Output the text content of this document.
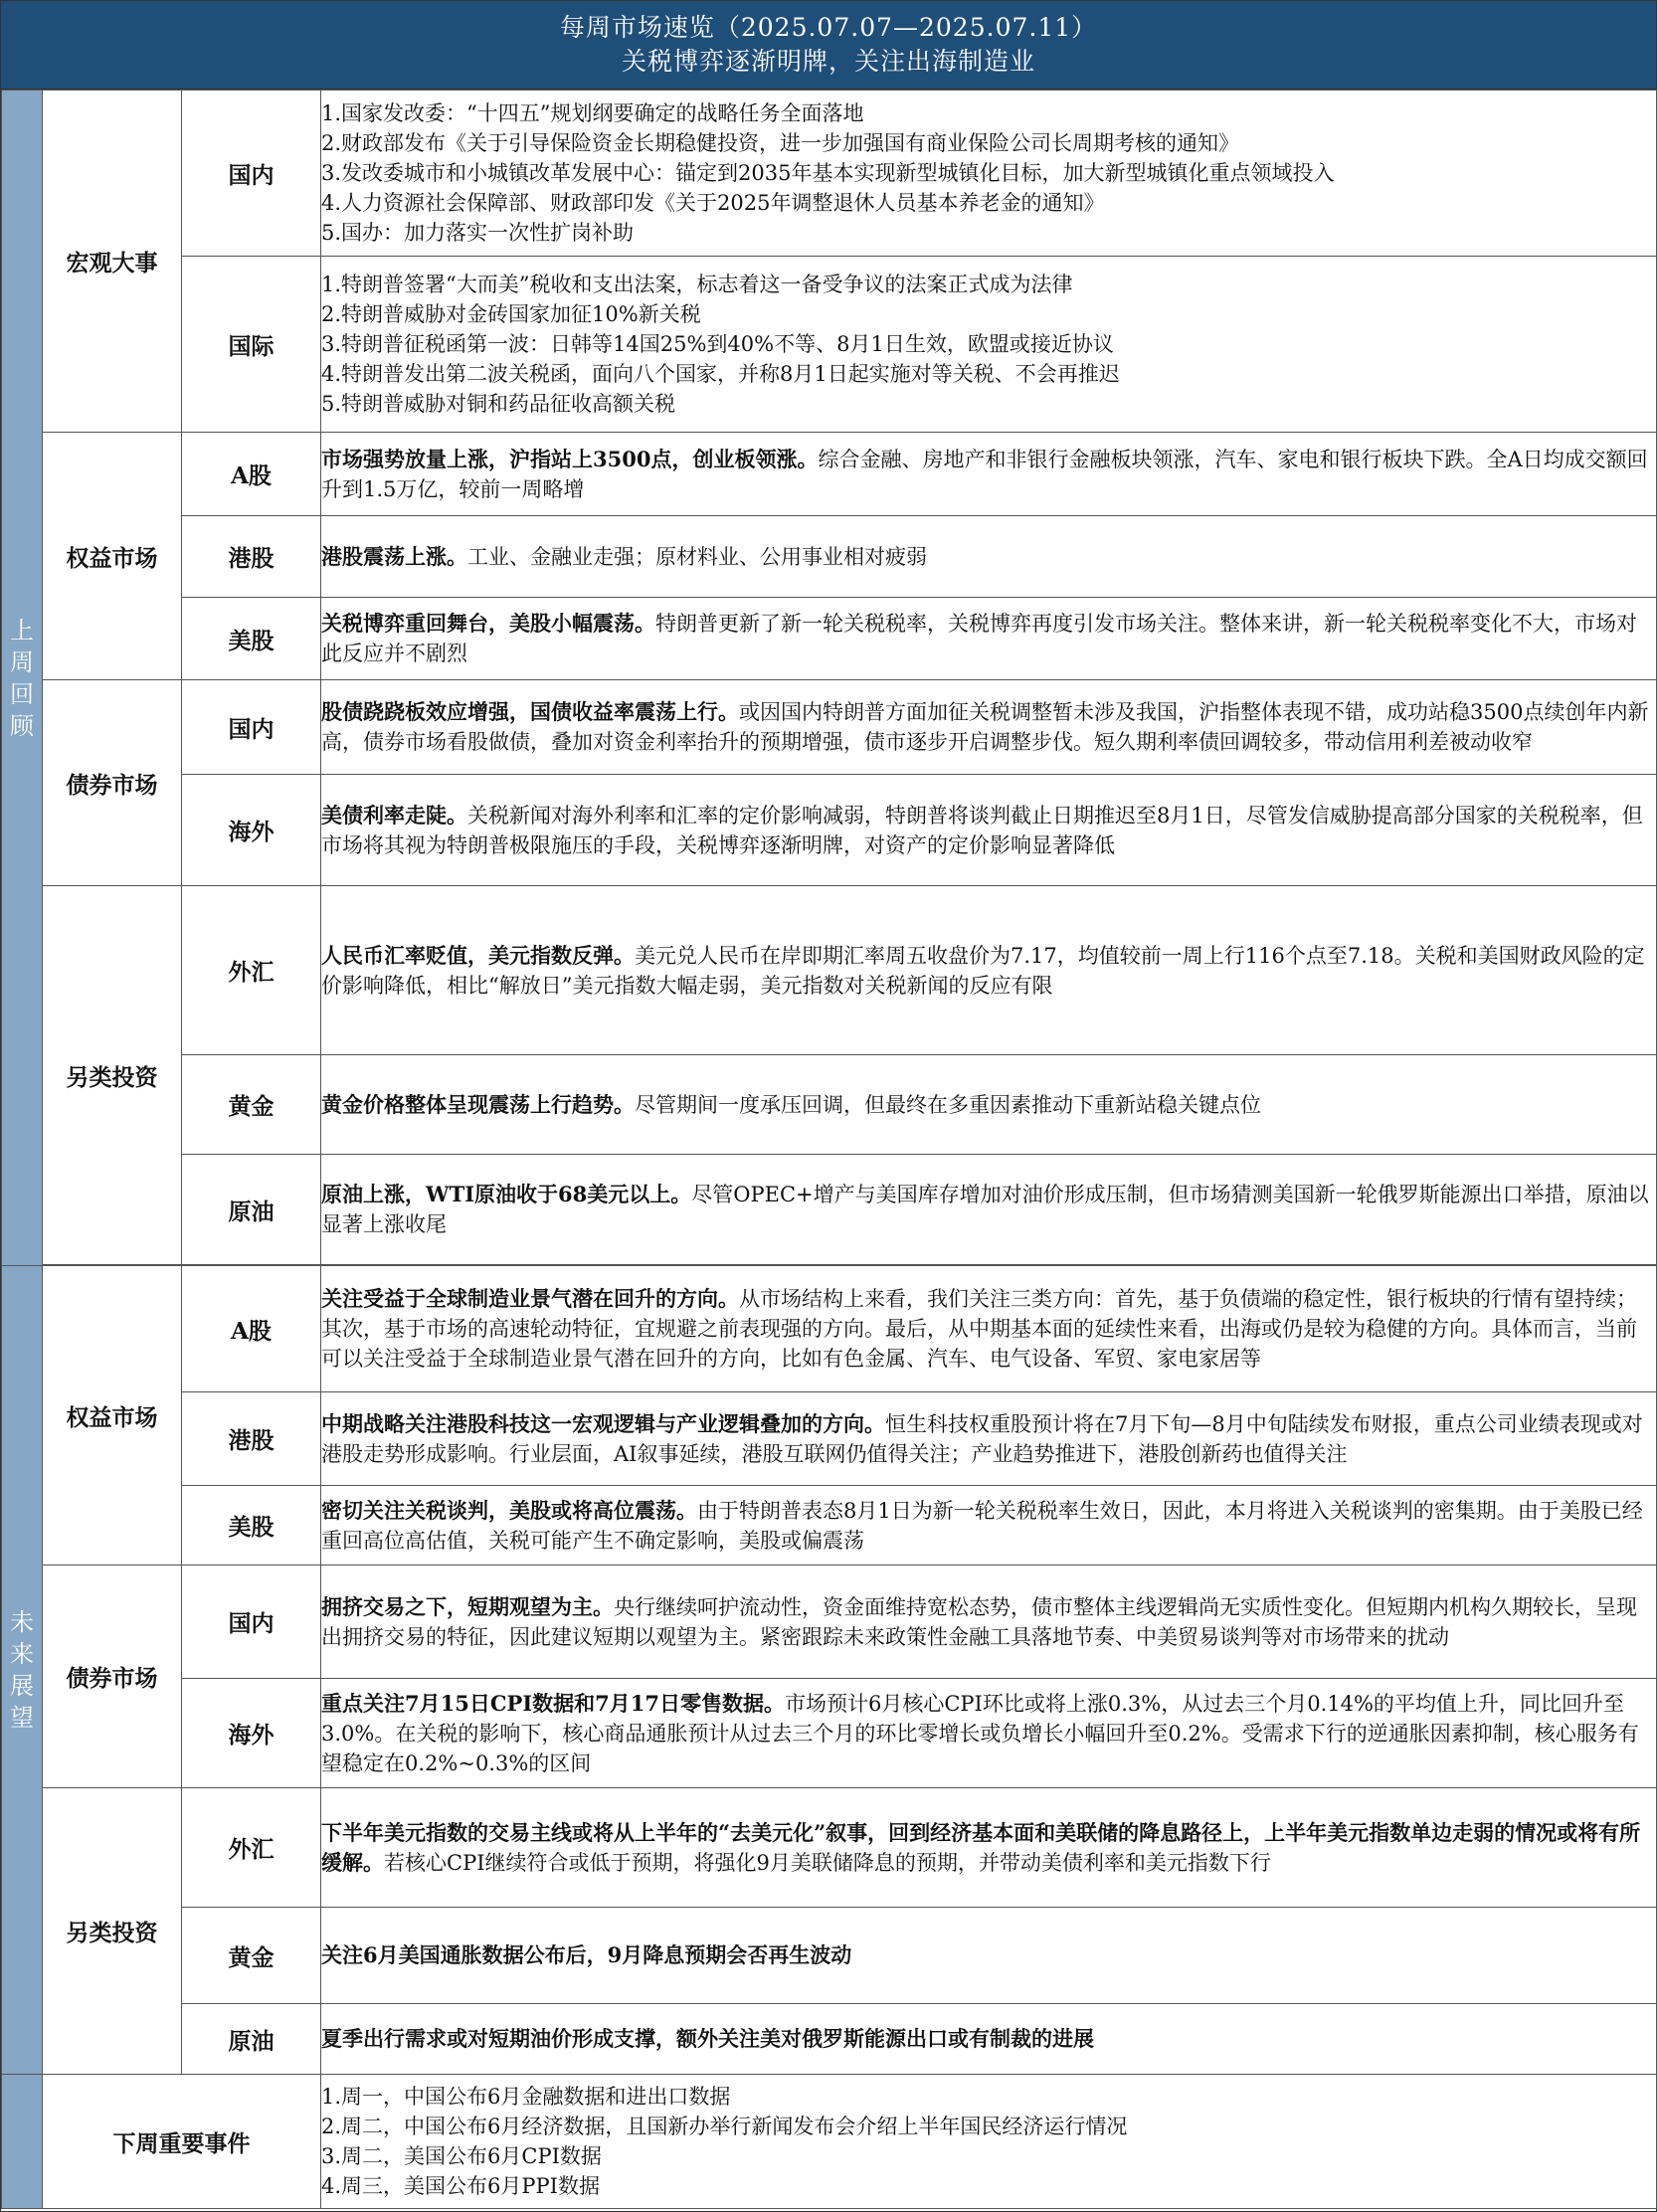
每周市场速览（2025.07.07—2025.07.11）
关税博弈逐渐明牌，关注出海制造业
上周回顾	宏观大事	国内	1.国家发改委：“十四五”规划纲要确定的战略任务全面落地
2.财政部发布《关于引导保险资金长期稳健投资，进一步加强国有商业保险公司长周期考核的通知》
3.发改委城市和小城镇改革发展中心：锚定到2035年基本实现新型城镇化目标，加大新型城镇化重点领域投入
4.人力资源社会保障部、财政部印发《关于2025年调整退休人员基本养老金的通知》
5.国办：加力落实一次性扩岗补助

		国际	1.特朗普签署“大而美”税收和支出法案，标志着这一备受争议的法案正式成为法律
2.特朗普威胁对金砖国家加征10%新关税
3.特朗普征税函第一波：日韩等14国25%到40%不等、8月1日生效，欧盟或接近协议
4.特朗普发出第二波关税函，面向八个国家，并称8月1日起实施对等关税、不会再推迟
5.特朗普威胁对铜和药品征收高额关税

	权益市场	A股	市场强势放量上涨，沪指站上3500点，创业板领涨。综合金融、房地产和非银行金融板块领涨，汽车、家电和银行板块下跌。全A日均成交额回升到1.5万亿，较前一周略增
		港股	港股震荡上涨。工业、金融业走强；原材料业、公用事业相对疲弱
		美股	关税博弈重回舞台，美股小幅震荡。特朗普更新了新一轮关税税率，关税博弈再度引发市场关注。整体来讲，新一轮关税税率变化不大，市场对此反应并不剧烈
	债券市场	国内	股债跷跷板效应增强，国债收益率震荡上行。或因国内特朗普方面加征关税调整暂未涉及我国，沪指整体表现不错，成功站稳3500点续创年内新高，债券市场看股做债，叠加对资金利率抬升的预期增强，债市逐步开启调整步伐。短久期利率债回调较多，带动信用利差被动收窄
		海外	美债利率走陡。关税新闻对海外利率和汇率的定价影响减弱，特朗普将谈判截止日期推迟至8月1日，尽管发信威胁提高部分国家的关税税率，但市场将其视为特朗普极限施压的手段，关税博弈逐渐明牌，对资产的定价影响显著降低
	另类投资	外汇	人民币汇率贬值，美元指数反弹。美元兑人民币在岸即期汇率周五收盘价为7.17，均值较前一周上行116个点至7.18。关税和美国财政风险的定价影响降低，相比“解放日”美元指数大幅走弱，美元指数对关税新闻的反应有限
		黄金	黄金价格整体呈现震荡上行趋势。尽管期间一度承压回调，但最终在多重因素推动下重新站稳关键点位
		原油	原油上涨，WTI原油收于68美元以上。尽管OPEC+增产与美国库存增加对油价形成压制，但市场猜测美国新一轮俄罗斯能源出口举措，原油以显著上涨收尾

未来展望	权益市场	A股	关注受益于全球制造业景气潜在回升的方向。从市场结构上来看，我们关注三类方向：首先，基于负债端的稳定性，银行板块的行情有望持续；其次，基于市场的高速轮动特征，宜规避之前表现强的方向。最后，从中期基本面的延续性来看，出海或仍是较为稳健的方向。具体而言，当前可以关注受益于全球制造业景气潜在回升的方向，比如有色金属、汽车、电气设备、军贸、家电家居等
		港股	中期战略关注港股科技这一宏观逻辑与产业逻辑叠加的方向。恒生科技权重股预计将在7月下旬—8月中旬陆续发布财报，重点公司业绩表现或对港股走势形成影响。行业层面，AI叙事延续，港股互联网仍值得关注；产业趋势推进下，港股创新药也值得关注
		美股	密切关注关税谈判，美股或将高位震荡。由于特朗普表态8月1日为新一轮关税税率生效日，因此，本月将进入关税谈判的密集期。由于美股已经重回高位高估值，关税可能产生不确定影响，美股或偏震荡
	债券市场	国内	拥挤交易之下，短期观望为主。央行继续呵护流动性，资金面维持宽松态势，债市整体主线逻辑尚无实质性变化。但短期内机构久期较长，呈现出拥挤交易的特征，因此建议短期以观望为主。紧密跟踪未来政策性金融工具落地节奏、中美贸易谈判等对市场带来的扰动
		海外	重点关注7月15日CPI数据和7月17日零售数据。市场预计6月核心CPI环比或将上涨0.3%，从过去三个月0.14%的平均值上升，同比回升至3.0%。在关税的影响下，核心商品通胀预计从过去三个月的环比零增长或负增长小幅回升至0.2%。受需求下行的逆通胀因素抑制，核心服务有望稳定在0.2%~0.3%的区间
	另类投资	外汇	下半年美元指数的交易主线或将从上半年的“去美元化”叙事，回到经济基本面和美联储的降息路径上，上半年美元指数单边走弱的情况或将有所缓解。若核心CPI继续符合或低于预期，将强化9月美联储降息的预期，并带动美债利率和美元指数下行
		黄金	关注6月美国通胀数据公布后，9月降息预期会否再生波动
		原油	夏季出行需求或对短期油价形成支撑，额外关注美对俄罗斯能源出口或有制裁的进展
	下周重要事件		1.周一，中国公布6月金融数据和进出口数据
2.周二，中国公布6月经济数据，且国新办举行新闻发布会介绍上半年国民经济运行情况
3.周二，美国公布6月CPI数据
4.周三，美国公布6月PPI数据
